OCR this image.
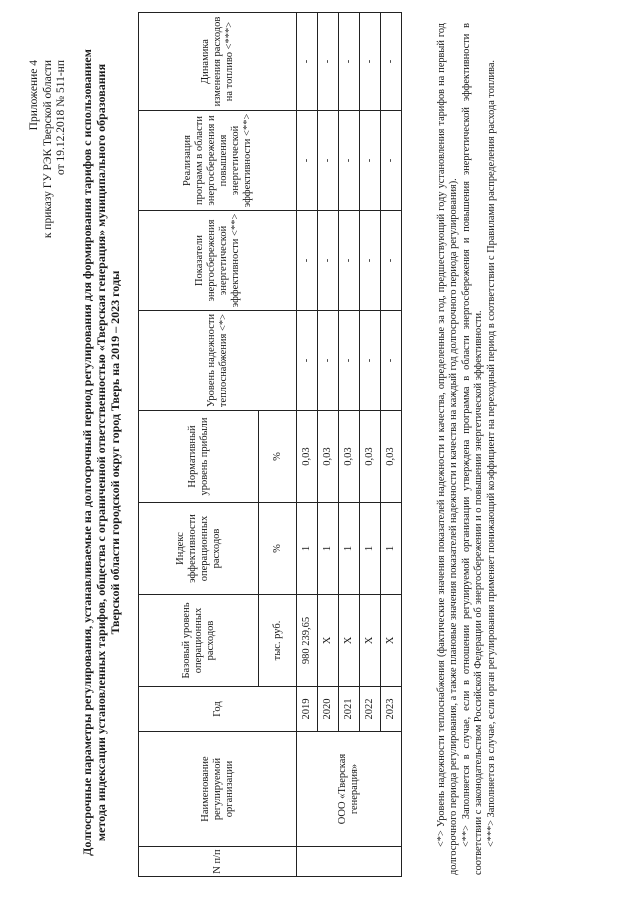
Приложение 4 к приказу ГУ РЭК Тверской области от 19.12.2018 № 511-нп Долгосрочные параметры регулирования, устанавливаемые на долгосрочный период регулирования для формирования тарифов с использованием метода индексации установленных тарифов, общества с ограниченной ответственностью «Тверская генерация» муниципального образования Тверской области городской округ город Тверь на 2019 – 2023 годы
N п/п	Наименование регулируемой организации	Год	Базовый уровень операционных расходов	Индекс эффективности операционных расходов	Нормативный уровень прибыли	Уровень надежности теплоснабжения <*>	Показатели энергосбережения энергетической эффективности <**>	Реализация программ в области энергосбережения и повышения энергетической эффективности <**>	Динамика изменения расходов на топливо <***>
			тыс. руб.	%	%				
	ООО «Тверская генерация»	2019	980 239,65	1	0,03	-	-	-	-
		2020	Х	1	0,03	-	-	-	-
		2021	Х	1	0,03	-	-	-	-
		2022	Х	1	0,03	-	-	-	-
		2023	Х	1	0,03	-	-	-	-	<*> Уровень надежности теплоснабжения (фактические значения показателей надежности и качества, определенные за год, предшествующий году установления тарифов на первый год долгосрочного периода регулирования, а также плановые значения показателей надежности и качества на каждый год долгосрочного периода регулирования). <**> Заполняется в случае, если в отношении регулируемой организации утверждена программа в области энергосбережения и повышения энергетической эффективности в соответствии с законодательством Российской Федерации об энергосбережении и о повышении энергетической эффективности. <***> Заполняется в случае, если орган регулирования применяет понижающий коэффициент на переходный период в соответствии с Правилами распределения расхода топлива.
